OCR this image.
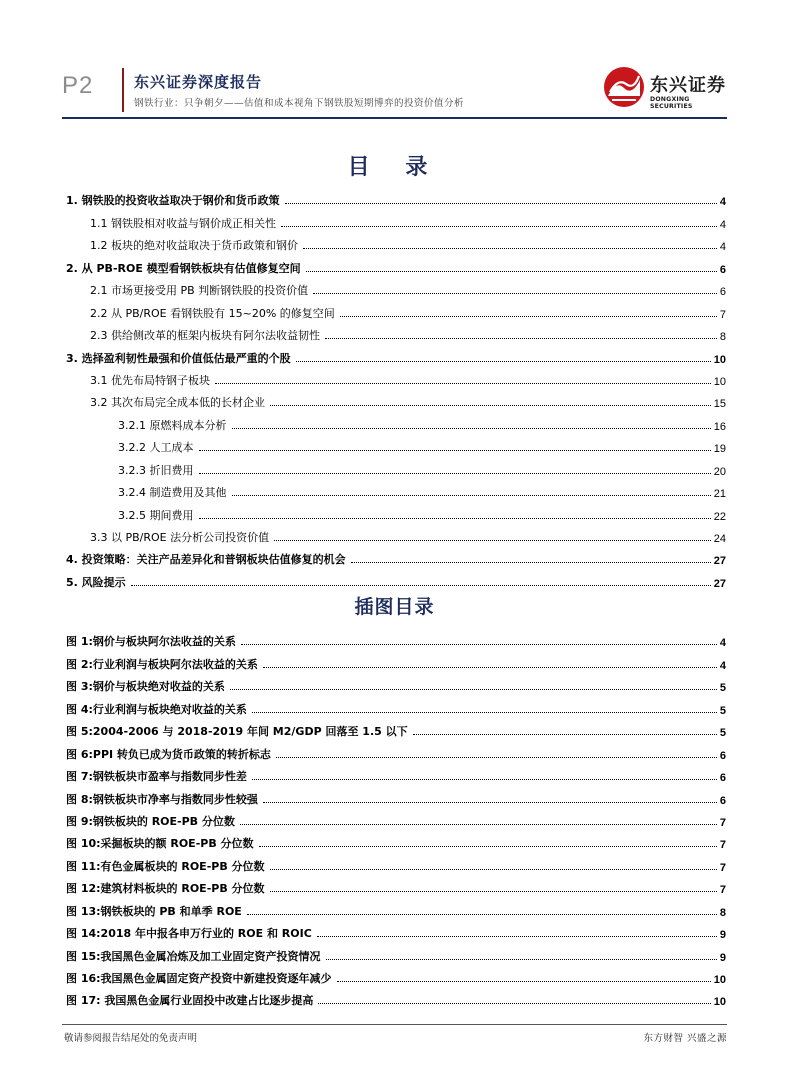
P2	东兴证券深度报告
钢铁行业：只争朝夕——估值和成本视角下钢铁股短期博弈的投资价值分析
东兴证券
DONGXING SECURITIES
目 录
1. 钢铁股的投资收益取决于钢价和货币政策	4
1.1 钢铁股相对收益与钢价成正相关性	4
1.2 板块的绝对收益取决于货币政策和钢价	4
2. 从 PB-ROE 模型看钢铁板块有估值修复空间	6
2.1 市场更接受用 PB 判断钢铁股的投资价值	6
2.2 从 PB/ROE 看钢铁股有 15~20% 的修复空间	7
2.3 供给侧改革的框架内板块有阿尔法收益韧性	8
3. 选择盈利韧性最强和价值低估最严重的个股	10
3.1 优先布局特钢子板块	10
3.2 其次布局完全成本低的长材企业	15
3.2.1 原燃料成本分析	16
3.2.2 人工成本	19
3.2.3 折旧费用	20
3.2.4 制造费用及其他	21
3.2.5 期间费用	22
3.3 以 PB/ROE 法分析公司投资价值	24
4. 投资策略：关注产品差异化和普钢板块估值修复的机会	27
5. 风险提示	27
插图目录
图 1:钢价与板块阿尔法收益的关系	4
图 2:行业利润与板块阿尔法收益的关系	4
图 3:钢价与板块绝对收益的关系	5
图 4:行业利润与板块绝对收益的关系	5
图 5:2004-2006 与 2018-2019 年间 M2/GDP 回落至 1.5 以下	5
图 6:PPI 转负已成为货币政策的转折标志	6
图 7:钢铁板块市盈率与指数同步性差	6
图 8:钢铁板块市净率与指数同步性较强	6
图 9:钢铁板块的 ROE-PB 分位数	7
图 10:采掘板块的额 ROE-PB 分位数	7
图 11:有色金属板块的 ROE-PB 分位数	7
图 12:建筑材料板块的 ROE-PB 分位数	7
图 13:钢铁板块的 PB 和单季 ROE	8
图 14:2018 年中报各申万行业的 ROE 和 ROIC	9
图 15:我国黑色金属冶炼及加工业固定资产投资情况	9
图 16:我国黑色金属固定资产投资中新建投资逐年减少	10
图 17: 我国黑色金属行业固投中改建占比逐步提高	10
敬请参阅报告结尾处的免责声明	东方财智 兴盛之源
